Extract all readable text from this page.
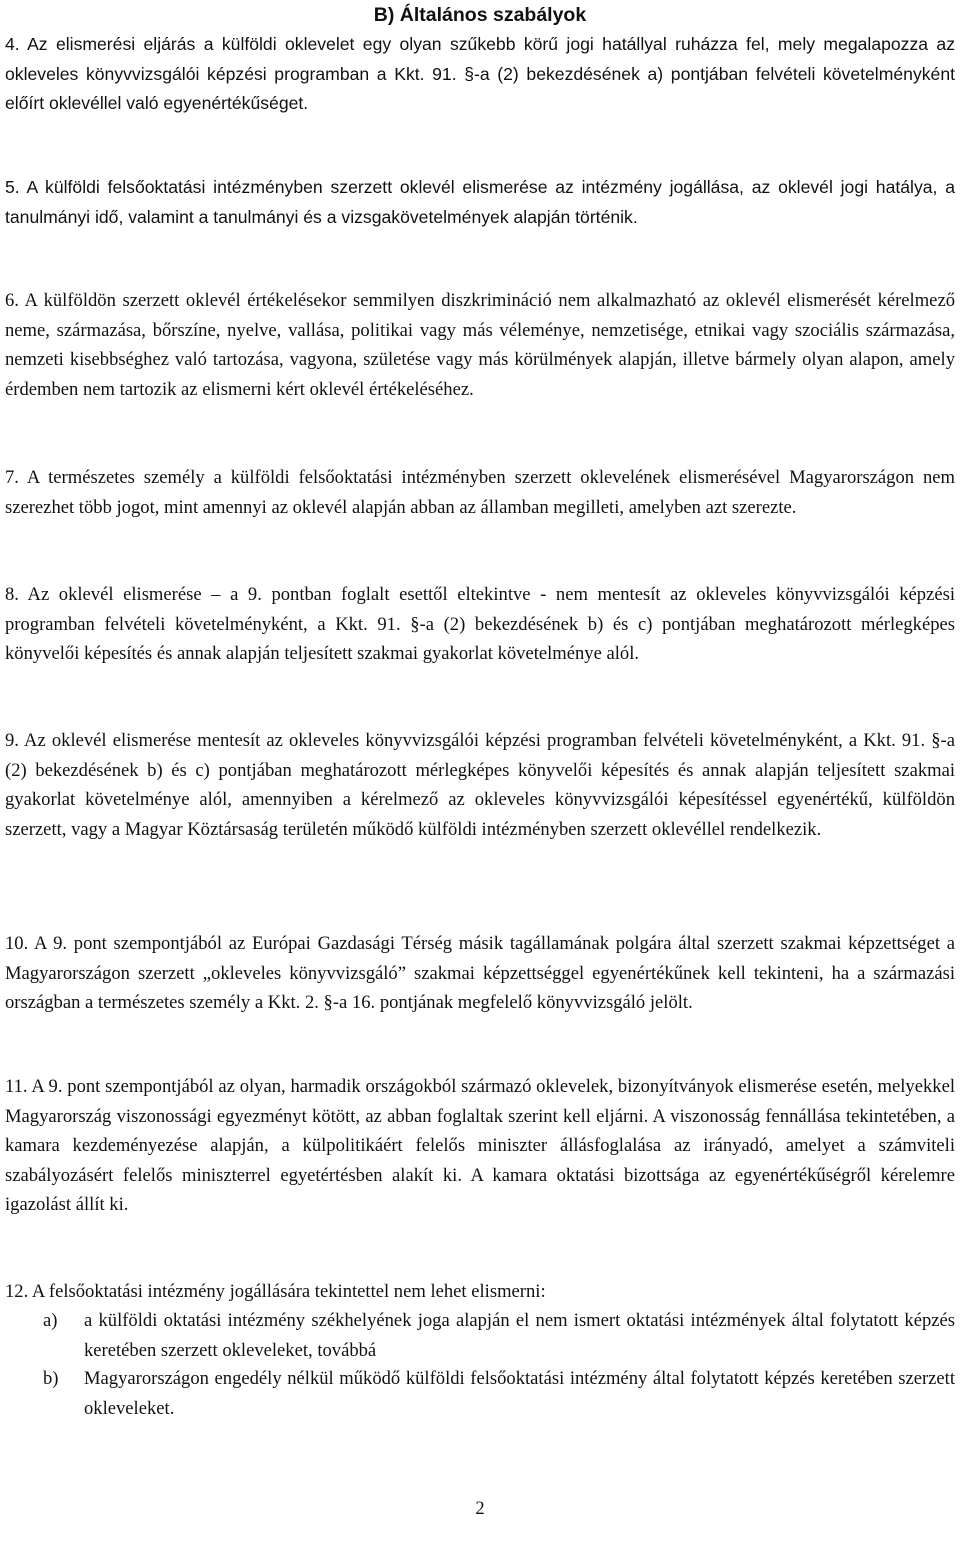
B) Általános szabályok

4. Az elismerési eljárás a külföldi oklevelet egy olyan szűkebb körű jogi hatállyal ruházza fel, mely megalapozza az okleveles könyvvizsgálói képzési programban a Kkt. 91. §-a (2) bekezdésének a) pontjában felvételi követelményként előírt oklevéllel való egyenértékűséget.

5. A külföldi felsőoktatási intézményben szerzett oklevél elismerése az intézmény jogállása, az oklevél jogi hatálya, a tanulmányi idő, valamint a tanulmányi és a vizsgakövetelmények alapján történik.

6. A külföldön szerzett oklevél értékelésekor semmilyen diszkrimináció nem alkalmazható az oklevél elismerését kérelmező neme, származása, bőrszíne, nyelve, vallása, politikai vagy más véleménye, nemzetisége, etnikai vagy szociális származása, nemzeti kisebbséghez való tartozása, vagyona, születése vagy más körülmények alapján, illetve bármely olyan alapon, amely érdemben nem tartozik az elismerni kért oklevél értékeléséhez.

7. A természetes személy a külföldi felsőoktatási intézményben szerzett oklevelének elismerésével Magyarországon nem szerezhet több jogot, mint amennyi az oklevél alapján abban az államban megilleti, amelyben azt szerezte.

8. Az oklevél elismerése – a 9. pontban foglalt esettől eltekintve - nem mentesít az okleveles könyvvizsgálói képzési programban felvételi követelményként, a Kkt. 91. §-a (2) bekezdésének b) és c) pontjában meghatározott mérlegképes könyvelői képesítés és annak alapján teljesített szakmai gyakorlat követelménye alól.

9. Az oklevél elismerése mentesít az okleveles könyvvizsgálói képzési programban felvételi követelményként, a Kkt. 91. §-a (2) bekezdésének b) és c) pontjában meghatározott mérlegképes könyvelői képesítés és annak alapján teljesített szakmai gyakorlat követelménye alól, amennyiben a kérelmező az okleveles könyvvizsgálói képesítéssel egyenértékű, külföldön szerzett, vagy a Magyar Köztársaság területén működő külföldi intézményben szerzett oklevéllel rendelkezik.

10. A 9. pont szempontjából az Európai Gazdasági Térség másik tagállamának polgára által szerzett szakmai képzettséget a Magyarországon szerzett „okleveles könyvvizsgáló” szakmai képzettséggel egyenértékűnek kell tekinteni, ha a származási országban a természetes személy a Kkt. 2. §-a 16. pontjának megfelelő könyvvizsgáló jelölt.

11. A 9. pont szempontjából az olyan, harmadik országokból származó oklevelek, bizonyítványok elismerése esetén, melyekkel Magyarország viszonossági egyezményt kötött, az abban foglaltak szerint kell eljárni. A viszonosság fennállása tekintetében, a kamara kezdeményezése alapján, a külpolitikáért felelős miniszter állásfoglalása az irányadó, amelyet a számviteli szabályozásért felelős miniszterrel egyetértésben alakít ki. A kamara oktatási bizottsága az egyenértékűségről kérelemre igazolást állít ki.

12. A felsőoktatási intézmény jogállására tekintettel nem lehet elismerni:

a)	a külföldi oktatási intézmény székhelyének joga alapján el nem ismert oktatási intézmények által folytatott képzés keretében szerzett okleveleket, továbbá
b)	Magyarországon engedély nélkül működő külföldi felsőoktatási intézmény által folytatott képzés keretében szerzett okleveleket.
2
